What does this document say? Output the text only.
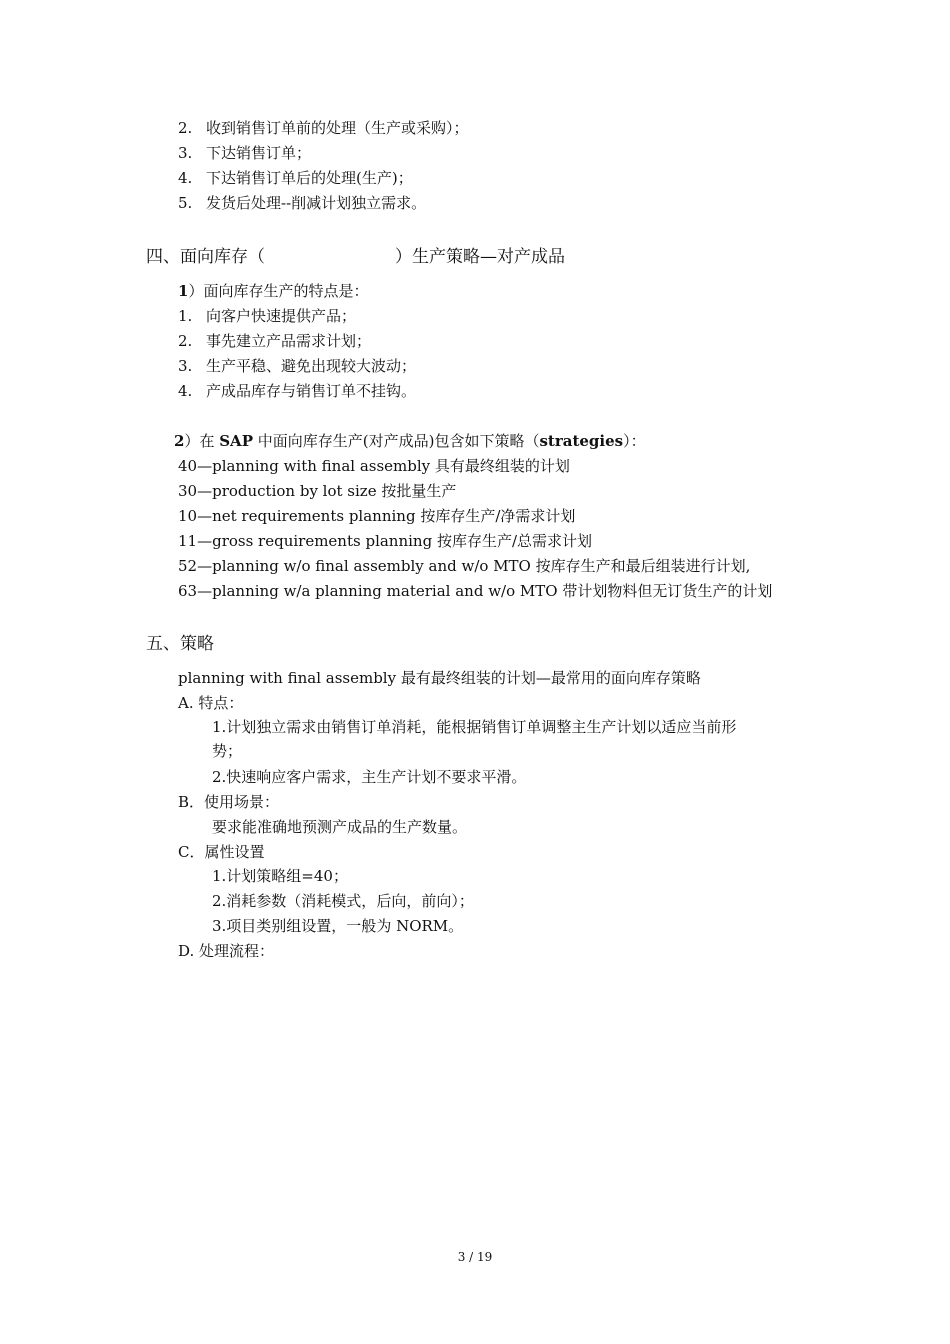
2. 收到销售订单前的处理（生产或采购）；
3. 下达销售订单；
4. 下达销售订单后的处理(生产)；
5. 发货后处理--削减计划独立需求。
四、面向库存（	）生产策略—对产成品
1）面向库存生产的特点是：
1. 向客户快速提供产品；
2. 事先建立产品需求计划；
3. 生产平稳、避免出现较大波动；
4. 产成品库存与销售订单不挂钩。
2）在 SAP 中面向库存生产(对产成品)包含如下策略（strategies）：
40—planning with final assembly 具有最终组装的计划
30—production by lot size 按批量生产
10—net requirements planning 按库存生产/净需求计划
11—gross requirements planning 按库存生产/总需求计划
52—planning w/o final assembly and w/o MTO 按库存生产和最后组装进行计划,
63—planning w/a planning material and w/o MTO 带计划物料但无订货生产的计划
五、策略
planning with final assembly 最有最终组装的计划—最常用的面向库存策略
A. 特点：
1.计划独立需求由销售订单消耗，能根据销售订单调整主生产计划以适应当前形
势；
2.快速响应客户需求，主生产计划不要求平滑。
B．使用场景：
要求能准确地预测产成品的生产数量。
C．属性设置
1.计划策略组=40；
2.消耗参数（消耗模式，后向，前向）；
3.项目类别组设置，一般为 NORM。
D. 处理流程：
3 / 19
